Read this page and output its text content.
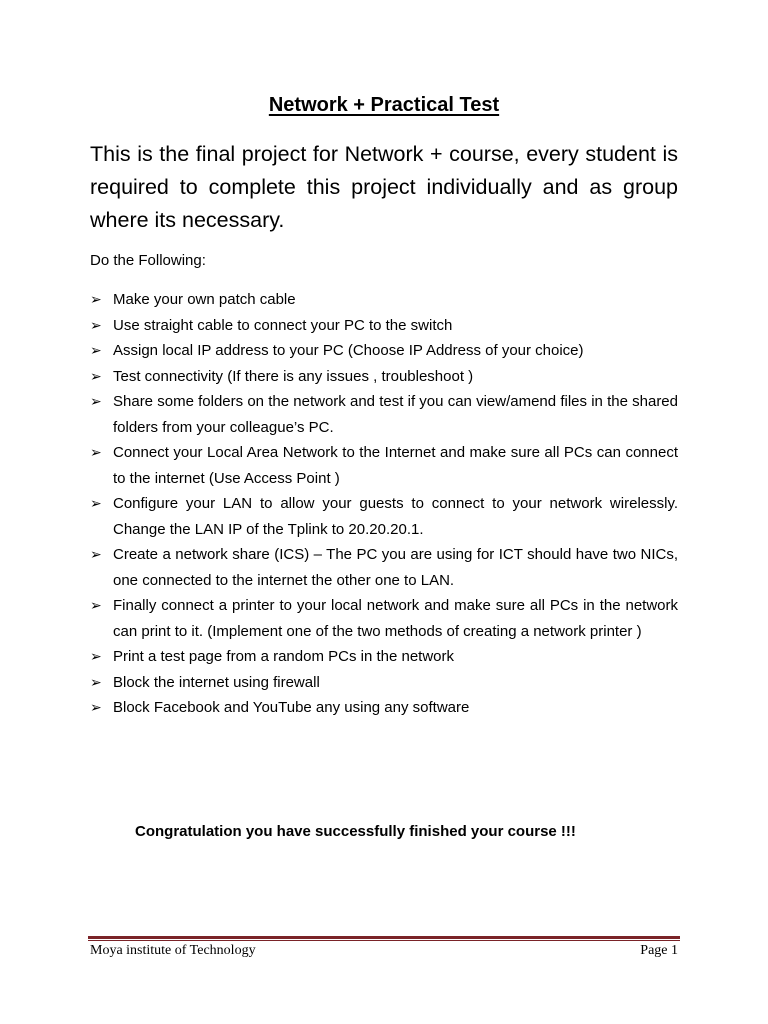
Network + Practical Test
This is the final project for Network + course, every student is required to complete this project individually and as group where its necessary.
Do the Following:
➢ Make your own patch cable
➢ Use straight cable to connect your PC to the switch
➢ Assign local IP address to your PC (Choose IP Address of your choice)
➢ Test connectivity (If there is any issues , troubleshoot )
➢ Share some folders on the network and test if you can view/amend files in the shared folders from your colleague’s PC.
➢ Connect your Local Area Network to the Internet and make sure all PCs can connect to the internet (Use Access Point )
➢ Configure your LAN to allow your guests to connect to your network wirelessly. Change the LAN IP of the Tplink to 20.20.20.1.
➢ Create a network share (ICS) – The PC you are using for ICT should have two NICs, one connected to the internet the other one to LAN.
➢ Finally connect a printer to your local network and make sure all PCs in the network can print to it. (Implement one of the two methods of creating a network printer )
➢ Print a test page from a random PCs in the network
➢ Block the internet using firewall
➢ Block Facebook and YouTube any using any software
Congratulation you have successfully finished your course !!!
Moya institute of Technology	Page 1
